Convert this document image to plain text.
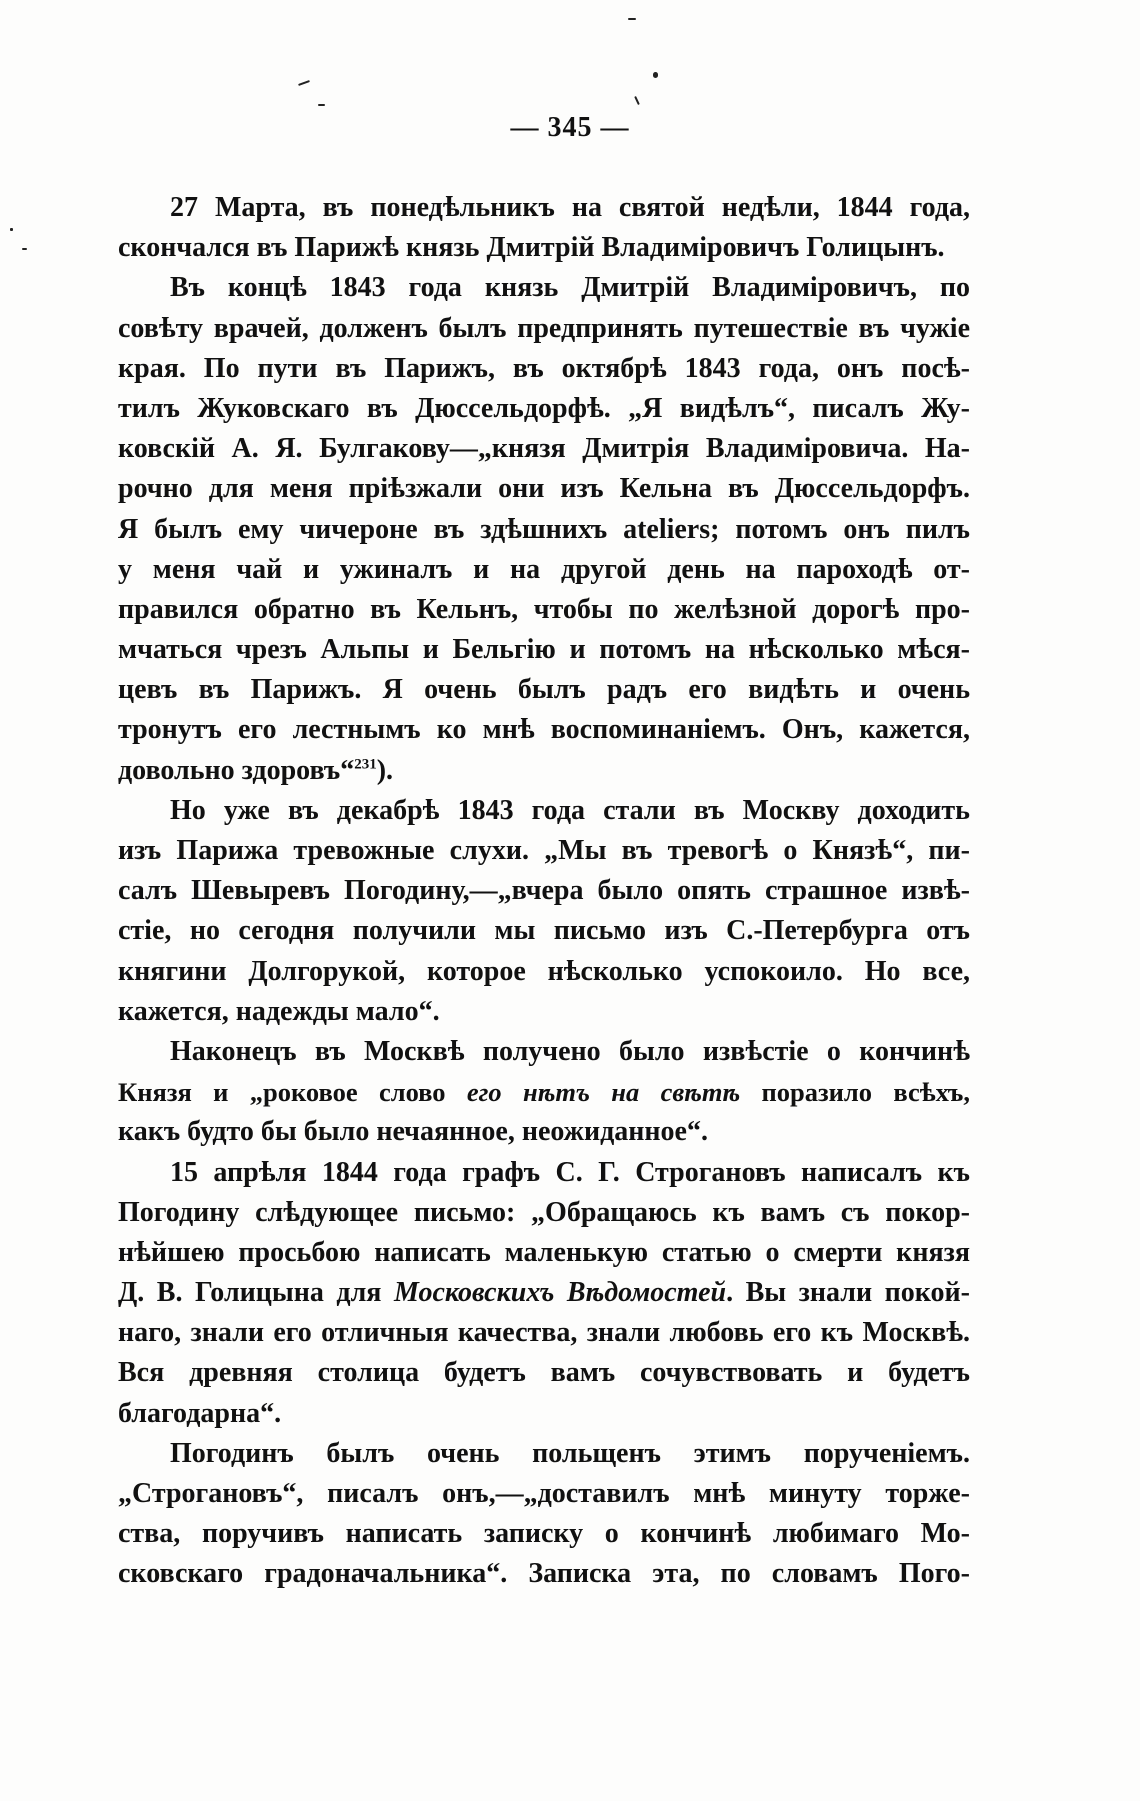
— 345 —
27 Марта, въ понедѣльникъ на святой недѣли, 1844 года,
скончался въ Парижѣ князь Дмитрій Владиміровичъ Голицынъ.
Въ концѣ 1843 года князь Дмитрій Владиміровичъ, по
совѣту врачей, долженъ былъ предпринять путешествіе въ чужіе
края. По пути въ Парижъ, въ октябрѣ 1843 года, онъ посѣ-
тилъ Жуковскаго въ Дюссельдорфѣ. „Я видѣлъ“, писалъ Жу-
ковскій А. Я. Булгакову—„князя Дмитрія Владиміровича. На-
рочно для меня пріѣзжали они изъ Кельна въ Дюссельдорфъ.
Я былъ ему чичероне въ здѣшнихъ ateliers; потомъ онъ пилъ
у меня чай и ужиналъ и на другой день на пароходѣ от-
правился обратно въ Кельнъ, чтобы по желѣзной дорогѣ про-
мчаться чрезъ Альпы и Бельгію и потомъ на нѣсколько мѣся-
цевъ въ Парижъ. Я очень былъ радъ его видѣть и очень
тронутъ его лестнымъ ко мнѣ воспоминаніемъ. Онъ, кажется,
довольно здоровъ“$^{231}$).
Но уже въ декабрѣ 1843 года стали въ Москву доходить
изъ Парижа тревожные слухи. „Мы въ тревогѣ о Князѣ“, пи-
салъ Шевыревъ Погодину,—„вчера было опять страшное извѣ-
стіе, но сегодня получили мы письмо изъ С.-Петербурга отъ
княгини Долгорукой, которое нѣсколько успокоило. Но все,
кажется, надежды мало“.
Наконецъ въ Москвѣ получено было извѣстіе о кончинѣ
Князя и „роковое слово его нѣтъ на свѣтѣ поразило всѣхъ,
какъ будто бы было нечаянное, неожиданное“.
15 апрѣля 1844 года графъ С. Г. Строгановъ написалъ къ
Погодину слѣдующее письмо: „Обращаюсь къ вамъ съ покор-
нѣйшею просьбою написать маленькую статью о смерти князя
Д. В. Голицына для Московскихъ Вѣдомостей. Вы знали покой-
наго, знали его отличныя качества, знали любовь его къ Москвѣ.
Вся древняя столица будетъ вамъ сочувствовать и будетъ
благодарна“.
Погодинъ былъ очень польщенъ этимъ порученіемъ.
„Строгановъ“, писалъ онъ,—„доставилъ мнѣ минуту торже-
ства, поручивъ написать записку о кончинѣ любимаго Мо-
сковскаго градоначальника“. Записка эта, по словамъ Пого-
